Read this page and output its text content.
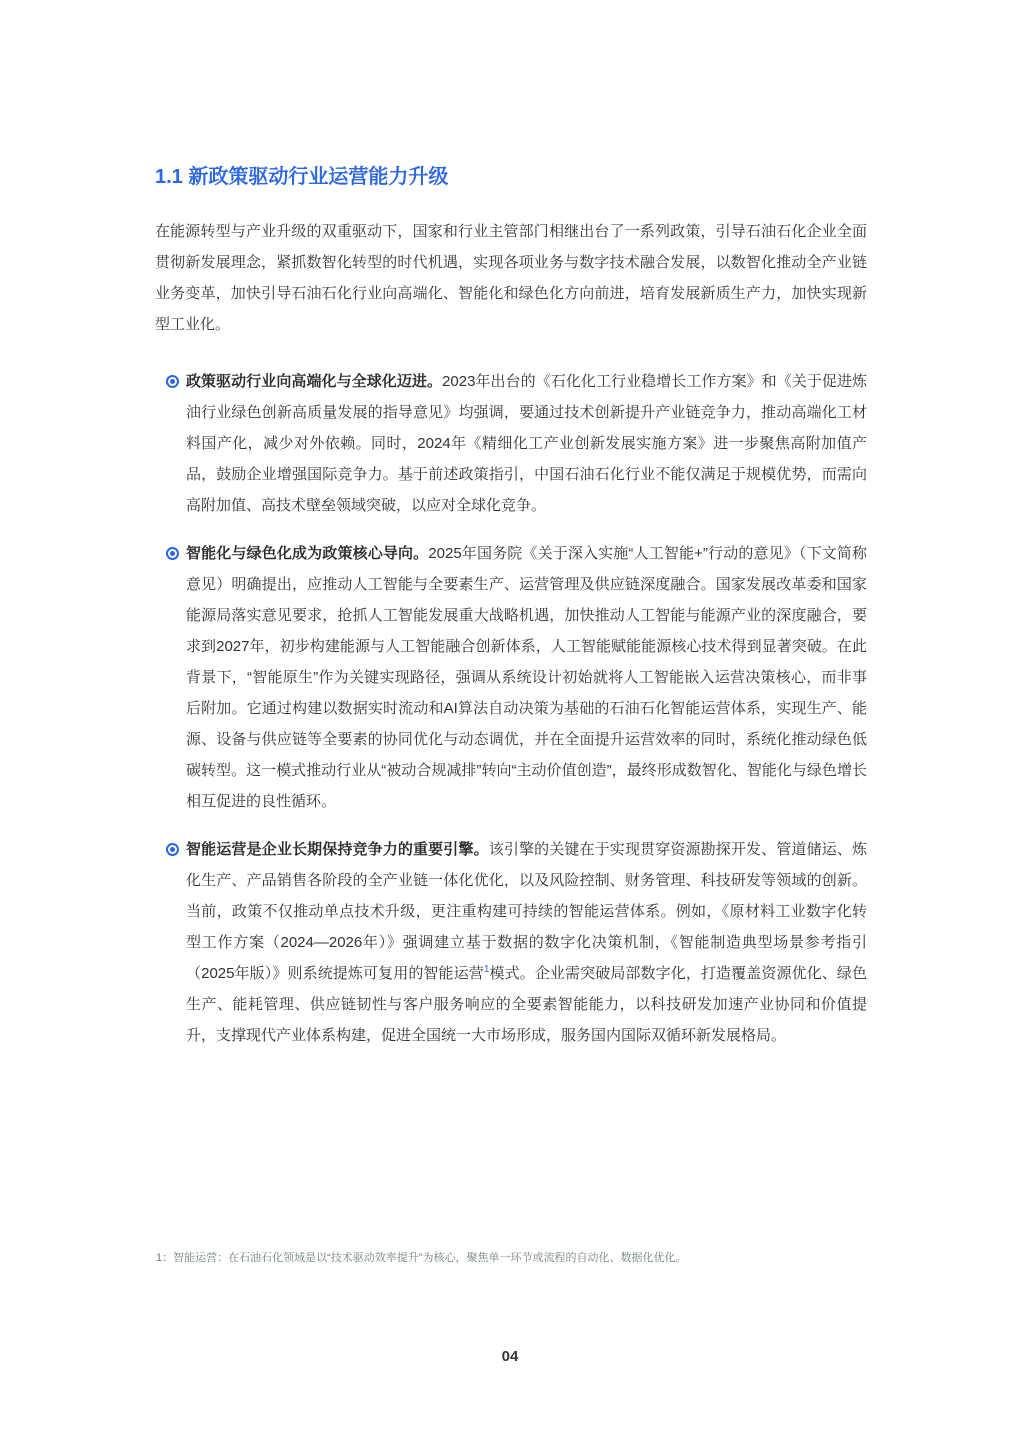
1.1 新政策驱动行业运营能力升级

在能源转型与产业升级的双重驱动下，国家和行业主管部门相继出台了一系列政策，引导石油石化企业全面贯彻新发展理念，紧抓数智化转型的时代机遇，实现各项业务与数字技术融合发展，以数智化推动全产业链业务变革，加快引导石油石化行业向高端化、智能化和绿色化方向前进，培育发展新质生产力，加快实现新型工业化。

政策驱动行业向高端化与全球化迈进。2023年出台的《石化化工行业稳增长工作方案》和《关于促进炼油行业绿色创新高质量发展的指导意见》均强调，要通过技术创新提升产业链竞争力，推动高端化工材料国产化，减少对外依赖。同时，2024年《精细化工产业创新发展实施方案》进一步聚焦高附加值产品，鼓励企业增强国际竞争力。基于前述政策指引，中国石油石化行业不能仅满足于规模优势，而需向高附加值、高技术壁垒领域突破，以应对全球化竞争。
智能化与绿色化成为政策核心导向。2025年国务院《关于深入实施“人工智能+”行动的意见》（下文简称意见）明确提出，应推动人工智能与全要素生产、运营管理及供应链深度融合。国家发展改革委和国家能源局落实意见要求，抢抓人工智能发展重大战略机遇，加快推动人工智能与能源产业的深度融合，要求到2027年，初步构建能源与人工智能融合创新体系，人工智能赋能能源核心技术得到显著突破。在此背景下，“智能原生”作为关键实现路径，强调从系统设计初始就将人工智能嵌入运营决策核心，而非事后附加。它通过构建以数据实时流动和AI算法自动决策为基础的石油石化智能运营体系，实现生产、能源、设备与供应链等全要素的协同优化与动态调优，并在全面提升运营效率的同时，系统化推动绿色低碳转型。这一模式推动行业从“被动合规减排”转向“主动价值创造”，最终形成数智化、智能化与绿色增长相互促进的良性循环。
智能运营是企业长期保持竞争力的重要引擎。该引擎的关键在于实现贯穿资源勘探开发、管道储运、炼化生产、产品销售各阶段的全产业链一体化优化，以及风险控制、财务管理、科技研发等领域的创新。当前，政策不仅推动单点技术升级，更注重构建可持续的智能运营体系。例如，《原材料工业数字化转型工作方案（2024—2026年）》强调建立基于数据的数字化决策机制，《智能制造典型场景参考指引（2025年版）》则系统提炼可复用的智能运营$^1$模式。企业需突破局部数字化，打造覆盖资源优化、绿色生产、能耗管理、供应链韧性与客户服务响应的全要素智能能力，以科技研发加速产业协同和价值提升，支撑现代产业体系构建，促进全国统一大市场形成，服务国内国际双循环新发展格局。
1：智能运营：在石油石化领域是以“技术驱动效率提升”为核心，聚焦单一环节或流程的自动化、数据化优化。
04
